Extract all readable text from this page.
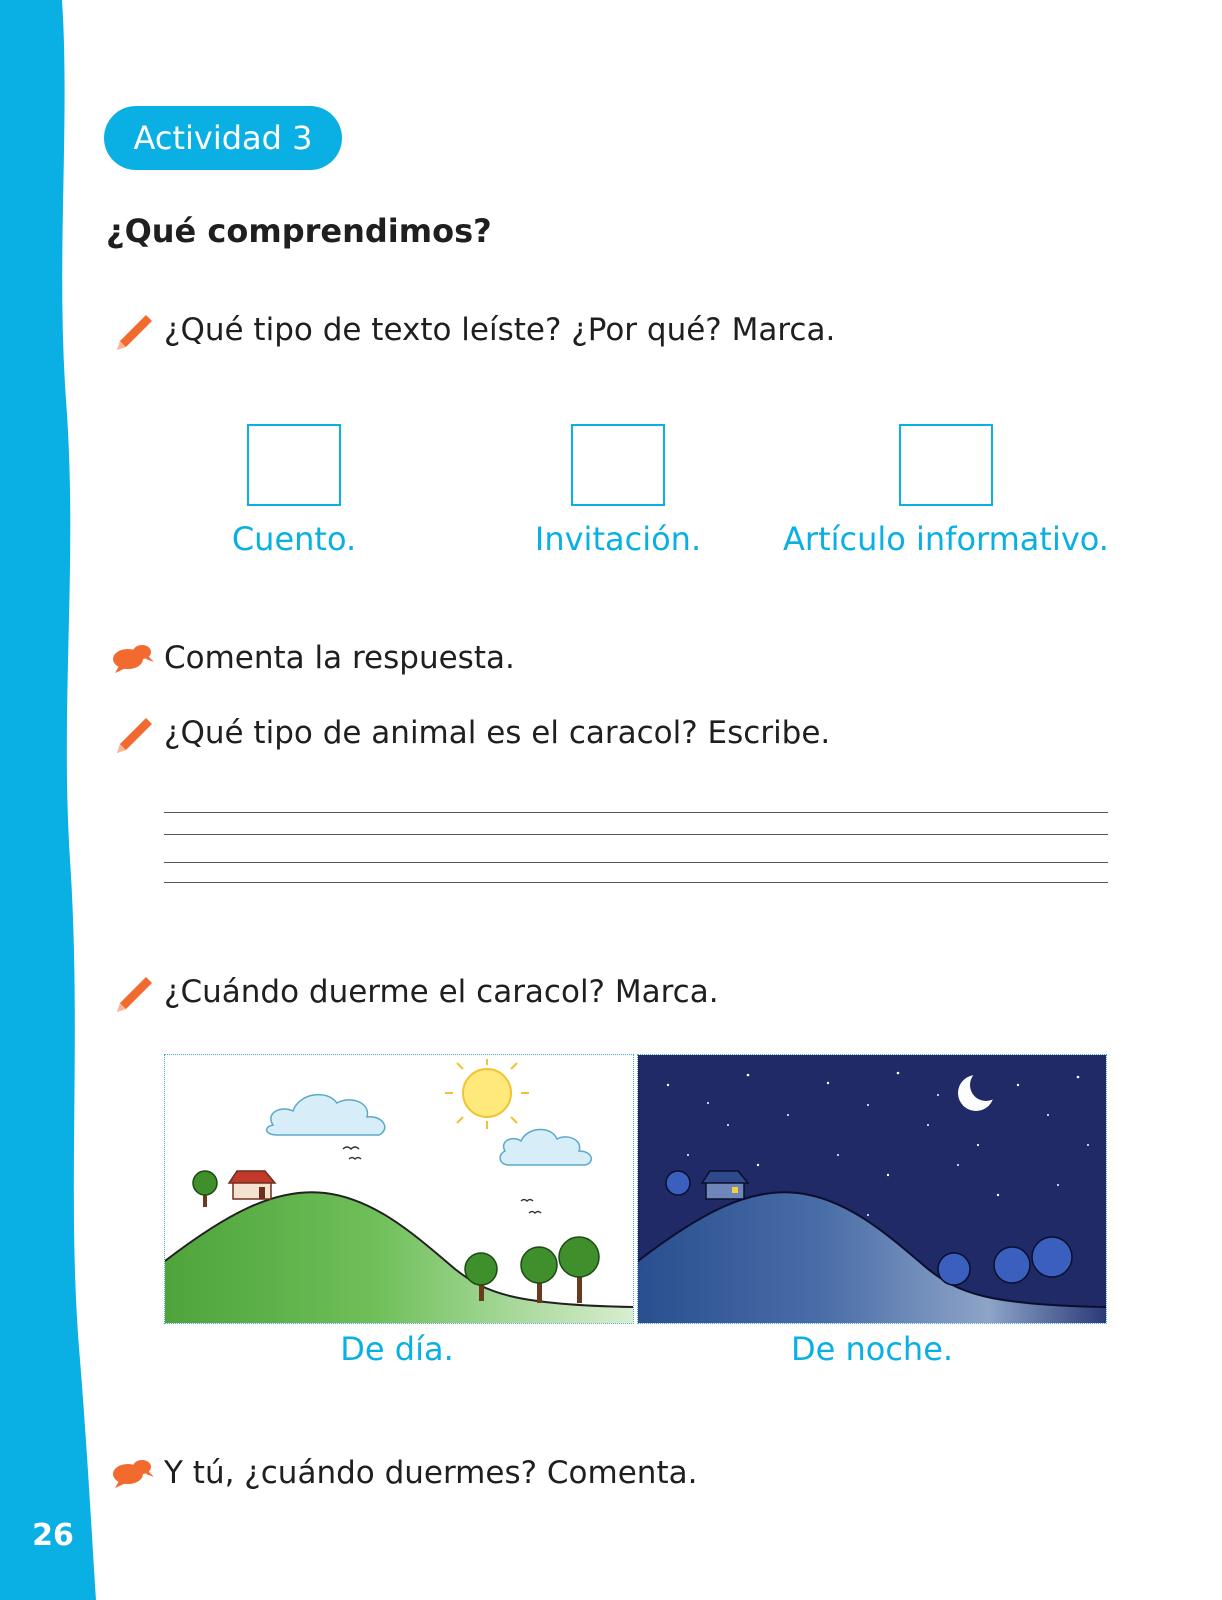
26
Actividad 3
¿Qué comprendimos?
¿Qué tipo de texto leíste? ¿Por qué? Marca.
Cuento.	Invitación.	Artículo informativo.
Comenta la respuesta.
¿Qué tipo de animal es el caracol? Escribe.
¿Cuándo duerme el caracol? Marca.
De día.	De noche.
Y tú, ¿cuándo duermes? Comenta.
